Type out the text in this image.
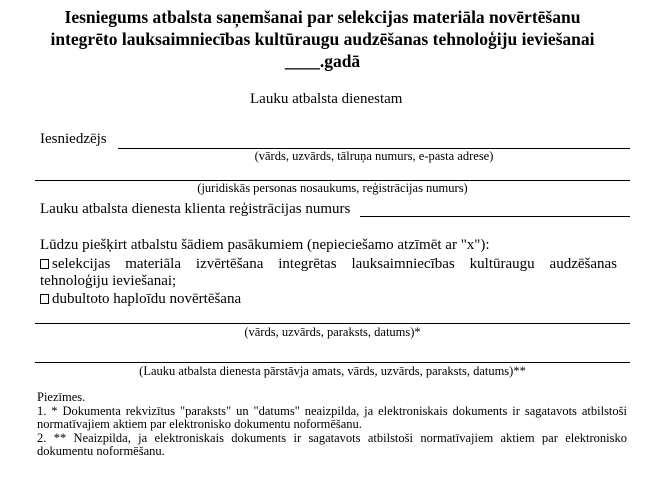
Iesniegums atbalsta saņemšanai par selekcijas materiāla novērtēšanu
integrēto lauksaimniecības kultūraugu audzēšanas tehnoloģiju ieviešanai
____.gadā
Lauku atbalsta dienestam
Iesniedzējs
(vārds, uzvārds, tālruņa numurs, e-pasta adrese)
(juridiskās personas nosaukums, reģistrācijas numurs)
Lauku atbalsta dienesta klienta reģistrācijas numurs
Lūdzu piešķirt atbalstu šādiem pasākumiem (nepieciešamo atzīmēt ar "x"):
selekcijas materiāla izvērtēšana integrētas lauksaimniecības kultūraugu audzēšanas
tehnoloģiju ieviešanai;
dubultoto haploīdu novērtēšana
(vārds, uzvārds, paraksts, datums)*
(Lauku atbalsta dienesta pārstāvja amats, vārds, uzvārds, paraksts, datums)**
Piezīmes.
1. * Dokumenta rekvizītus "paraksts" un "datums" neaizpilda, ja elektroniskais dokuments ir sagatavots atbilstoši
normatīvajiem aktiem par elektronisko dokumentu noformēšanu.
2. ** Neaizpilda, ja elektroniskais dokuments ir sagatavots atbilstoši normatīvajiem aktiem par elektronisko
dokumentu noformēšanu.
